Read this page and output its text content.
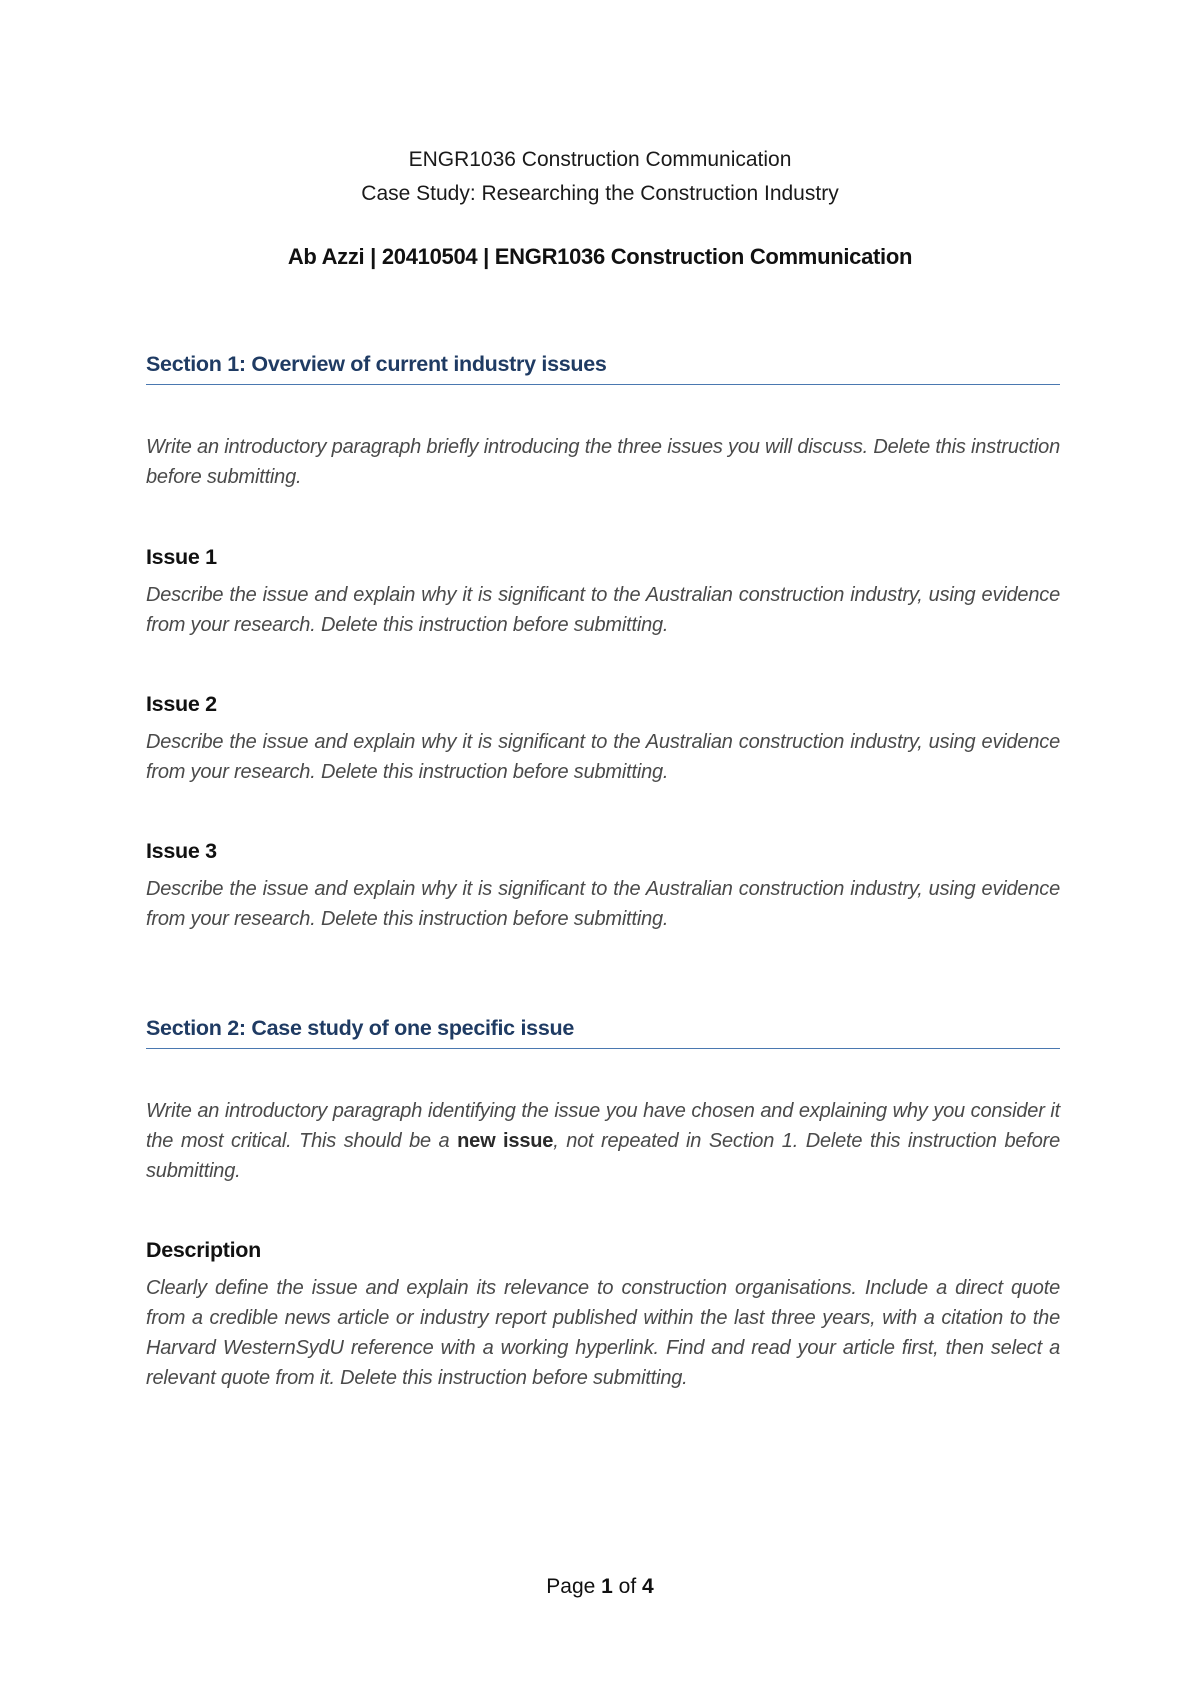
ENGR1036 Construction Communication
Case Study: Researching the Construction Industry
Ab Azzi | 20410504 | ENGR1036 Construction Communication
Section 1: Overview of current industry issues
Write an introductory paragraph briefly introducing the three issues you will discuss. Delete this instruction before submitting.
Issue 1
Describe the issue and explain why it is significant to the Australian construction industry, using evidence from your research. Delete this instruction before submitting.
Issue 2
Describe the issue and explain why it is significant to the Australian construction industry, using evidence from your research. Delete this instruction before submitting.
Issue 3
Describe the issue and explain why it is significant to the Australian construction industry, using evidence from your research. Delete this instruction before submitting.
Section 2: Case study of one specific issue
Write an introductory paragraph identifying the issue you have chosen and explaining why you consider it the most critical. This should be a new issue, not repeated in Section 1. Delete this instruction before submitting.
Description
Clearly define the issue and explain its relevance to construction organisations. Include a direct quote from a credible news article or industry report published within the last three years, with a citation to the Harvard WesternSydU reference with a working hyperlink. Find and read your article first, then select a relevant quote from it. Delete this instruction before submitting.
Page 1 of 4
